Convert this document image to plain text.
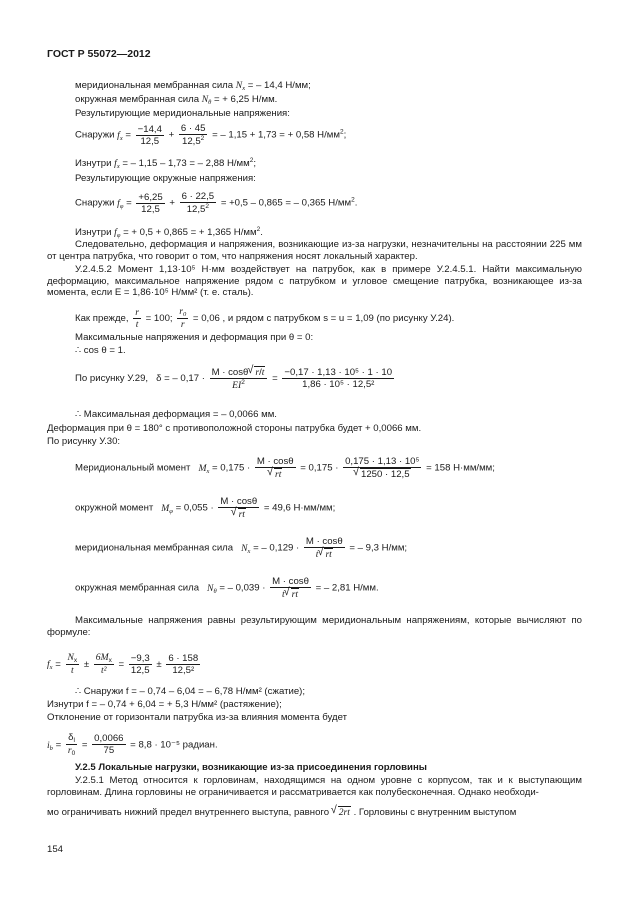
ГОСТ Р 55072—2012
меридиональная мембранная сила $N_x$ = – 14,4 Н/мм;
окружная мембранная сила $N_\theta$ = + 6,25 Н/мм.
Результирующие меридиональные напряжения:
Снаружи $f_x = \frac{-14,4}{12,5} + \frac{6 \cdot 45}{12,5^2}$ = – 1,15 + 1,73 = + 0,58 $Н/мм^2$;
Изнутри $f_x$ = – 1,15 – 1,73 = – 2,88 $Н/мм^2$;
Результирующие окружные напряжения:
Снаружи $f_\varphi = \frac{+6,25}{12,5} + \frac{6 \cdot 22,5}{12,5^2} = +0,5 - 0,865$ = – 0,365 $Н/мм^2$.
Изнутри $f_\varphi$ = + 0,5 + 0,865 = + 1,365 $Н/мм^2$.
Следовательно, деформация и напряжения, возникающие из-за нагрузки, незначительны на расстоянии 225 мм от центра патрубка, что говорит о том, что напряжения носят локальный характер.
У.2.4.5.2 Момент 1,13·10⁵ Н·мм воздействует на патрубок, как в примере У.2.4.5.1. Найти максимальную деформацию, максимальное напряжение рядом с патрубком и угловое смещение патрубка, возникающее из-за момента, если E = 1,86·10⁵ Н/мм² (т. е. сталь).
Как прежде, $\frac{r}{t} = 100$; $\frac{r_0}{r} = 0,06$ , и рядом с патрубком s = u = 1,09 (по рисунку У.24).
Максимальные напряжения и деформация при θ = 0:
∴ cos θ = 1.
По рисунку У.29, δ = – $0,17 \cdot \frac{M \cdot \cos\theta √ r/t}{EI^2} = \frac{\text{−0,17 · 1,13 · 10⁵ · 1 · 10}}{\text{1,86 · 10⁵ · 12,5²}}$
∴ Максимальная деформация = – 0,0066 мм.
Деформация при θ = 180° с противоположной стороны патрубка будет + 0,0066 мм.
По рисунку У.30:
Меридиональный момент $M_x = 0,175 \cdot M \cdot \cos\theta$
√ rt = 0,175 · 0,175 · 1,13 · 10⁵
√ 1250 · 12,5 = 158 Н·мм/мм;
окружной момент $M_\varphi = 0,055 \cdot M \cdot \cos\theta$
√ rt = 49,6 Н·мм/мм;
меридиональная мембранная сила $N_x$ = – $0,129 \cdot \frac{M \cdot \cos\theta}{t √ rt}$ = – 9,3 Н/мм;
окружная мембранная сила $N_\theta$ = – $0,039 \cdot \frac{M \cdot \cos\theta}{t √ rt}$ = – 2,81 Н/мм.
Максимальные напряжения равны результирующим меридиональным напряжениям, которые вычисляют по формуле:
$f_x = \frac{N_x}{t} \pm \frac{6M_x}{\text{t²}} = \frac{-9,3}{12,5} \pm \frac{6 \cdot 158}{\text{12,5²}}$
∴ Снаружи f = – 0,74 – 6,04 = – 6,78 Н/мм² (сжатие);
Изнутри f = – 0,74 + 6,04 = + 5,3 Н/мм² (растяжение);
Отклонение от горизонтали патрубка из-за влияния момента будет
$i_b = \frac{\delta_l}{r_0} = \frac{0,0066}{75} = 8,8 \cdot 10^{-5}$ радиан.
У.2.5 Локальные нагрузки, возникающие из-за присоединения горловины
У.2.5.1 Метод относится к горловинам, находящимся на одном уровне с корпусом, так и к выступающим горловинам. Длина горловины не ограничивается и рассматривается как полубесконечная. Однако необходи-
мо ограничивать нижний предел внутреннего выступа, равного √ 2rt . Горловины с внутренним выступом
154
